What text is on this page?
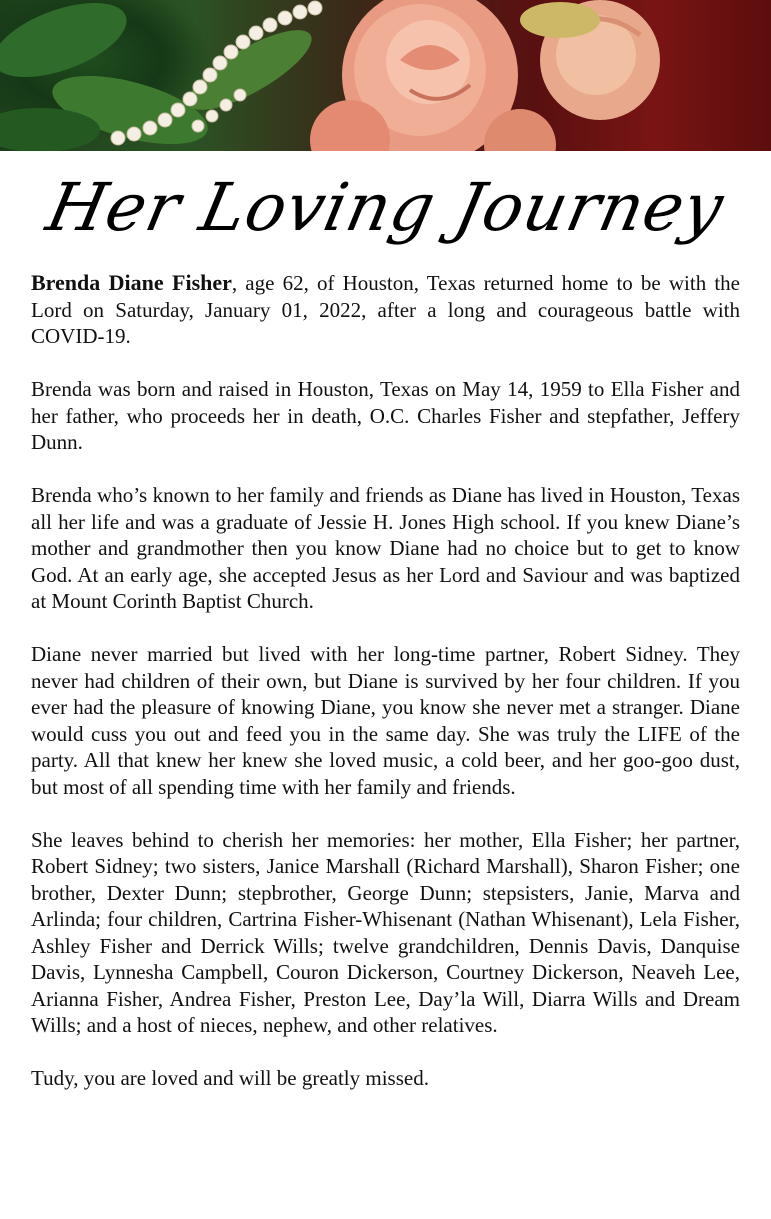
Her Loving Journey

Brenda Diane Fisher, age 62, of Houston, Texas returned home to be with the Lord on Saturday, January 01, 2022, after a long and courageous battle with COVID-19.

Brenda was born and raised in Houston, Texas on May 14, 1959 to Ella Fisher and her father, who proceeds her in death, O.C. Charles Fisher and stepfather, Jeffery Dunn.

Brenda who’s known to her family and friends as Diane has lived in Houston, Texas all her life and was a graduate of Jessie H. Jones High school. If you knew Diane’s mother and grandmother then you know Diane had no choice but to get to know God. At an early age, she accepted Jesus as her Lord and Saviour and was baptized at Mount Corinth Baptist Church.

Diane never married but lived with her long-time partner, Robert Sidney. They never had children of their own, but Diane is survived by her four children. If you ever had the pleasure of knowing Diane, you know she never met a stranger. Diane would cuss you out and feed you in the same day. She was truly the LIFE of the party. All that knew her knew she loved music, a cold beer, and her goo-goo dust, but most of all spending time with her family and friends.

She leaves behind to cherish her memories: her mother, Ella Fisher; her partner, Robert Sidney; two sisters, Janice Marshall (Richard Marshall), Sharon Fisher; one brother, Dexter Dunn; stepbrother, George Dunn; stepsisters, Janie, Marva and Arlinda; four children, Cartrina Fisher-Whisenant (Nathan Whisenant), Lela Fisher, Ashley Fisher and Derrick Wills; twelve grandchildren, Dennis Davis, Danquise Davis, Lynnesha Campbell, Couron Dickerson, Courtney Dickerson, Neaveh Lee, Arianna Fisher, Andrea Fisher, Preston Lee, Day’la Will, Diarra Wills and Dream Wills; and a host of nieces, nephew, and other relatives.

Tudy, you are loved and will be greatly missed.
